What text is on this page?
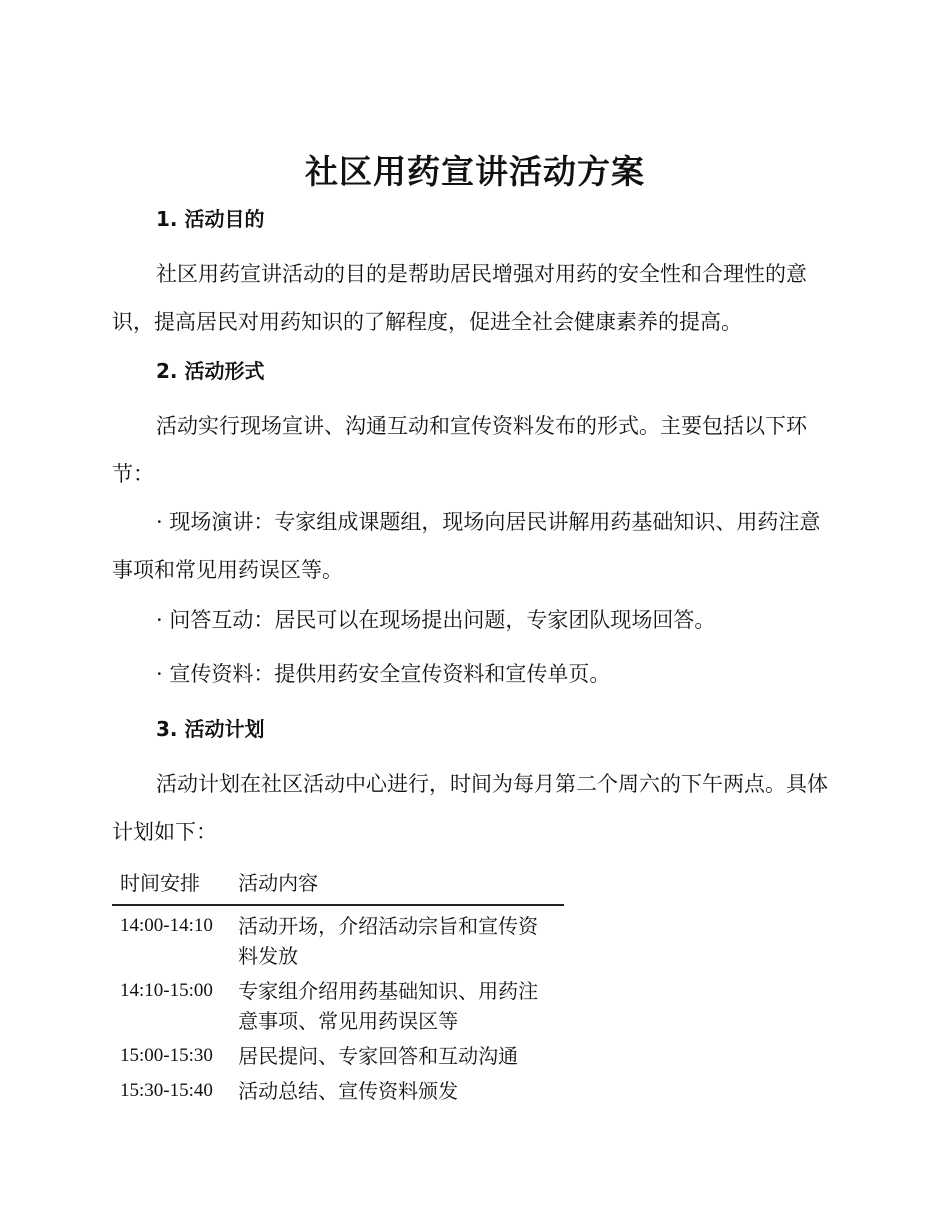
社区用药宣讲活动方案
1. 活动目的

社区用药宣讲活动的目的是帮助居民增强对用药的安全性和合理性的意识，提高居民对用药知识的了解程度，促进全社会健康素养的提高。

2. 活动形式

活动实行现场宣讲、沟通互动和宣传资料发布的形式。主要包括以下环节：

· 现场演讲：专家组成课题组，现场向居民讲解用药基础知识、用药注意事项和常见用药误区等。

· 问答互动：居民可以在现场提出问题，专家团队现场回答。

· 宣传资料：提供用药安全宣传资料和宣传单页。

3. 活动计划

活动计划在社区活动中心进行，时间为每月第二个周六的下午两点。具体计划如下：

时间安排	活动内容
14:00-14:10	活动开场，介绍活动宗旨和宣传资料发放
14:10-15:00	专家组介绍用药基础知识、用药注意事项、常见用药误区等
15:00-15:30	居民提问、专家回答和互动沟通
15:30-15:40	活动总结、宣传资料颁发
